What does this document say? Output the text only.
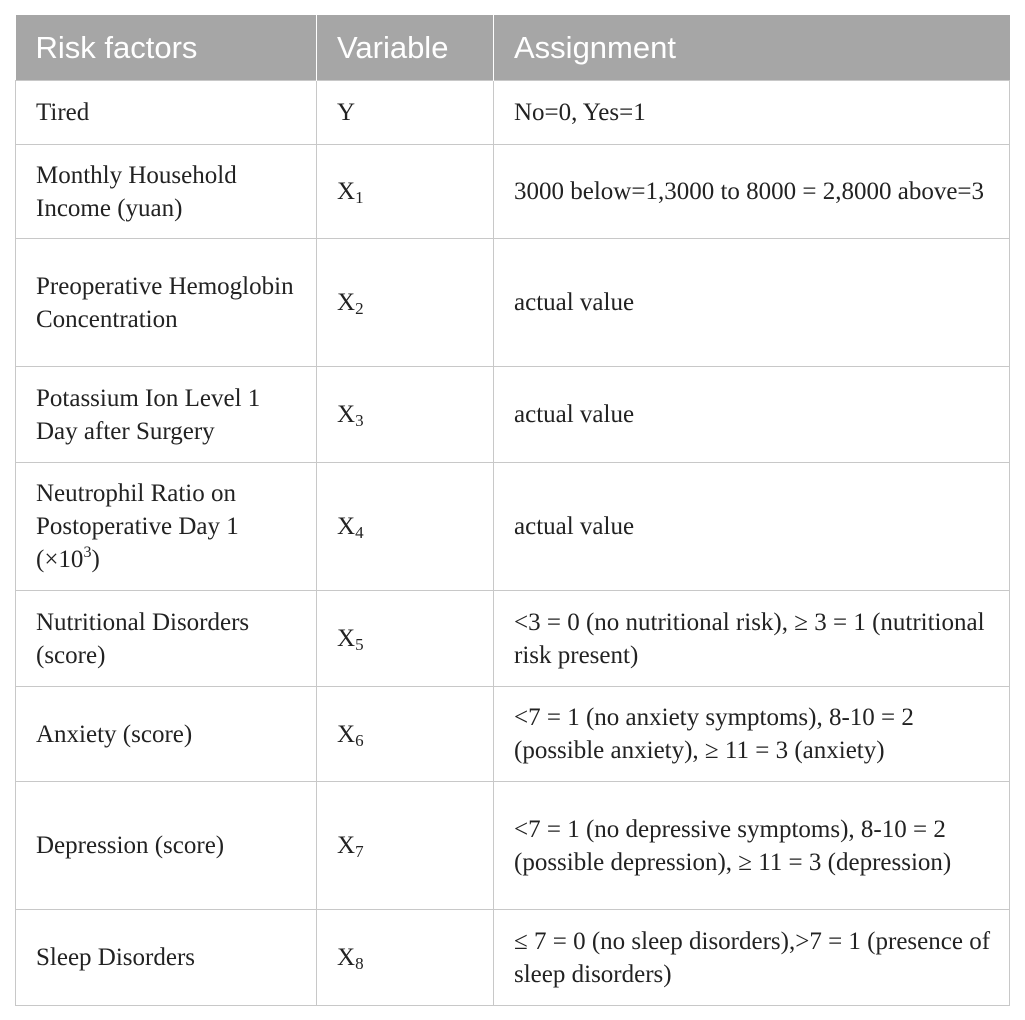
Risk factors	Variable	Assignment
Tired	Y	No=0, Yes=1
Monthly Household Income (yuan)	$X_1$	3000 below=1,3000 to 8000 = 2,8000 above=3
Preoperative Hemoglobin Concentration	$X_2$	actual value
Potassium Ion Level 1 Day after Surgery	$X_3$	actual value
Neutrophil Ratio on Postoperative Day 1 $(\times 10^3)$	$X_4$	actual value
Nutritional Disorders (score)	$X_5$	<3 = 0 (no nutritional risk), ≥ 3 = 1 (nutritional risk present)
Anxiety (score)	$X_6$	<7 = 1 (no anxiety symptoms), 8-10 = 2 (possible anxiety), ≥ 11 = 3 (anxiety)
Depression (score)	$X_7$	<7 = 1 (no depressive symptoms), 8-10 = 2 (possible depression), ≥ 11 = 3 (depression)
Sleep Disorders	$X_8$	≤ 7 = 0 (no sleep disorders),>7 = 1 (presence of sleep disorders)
